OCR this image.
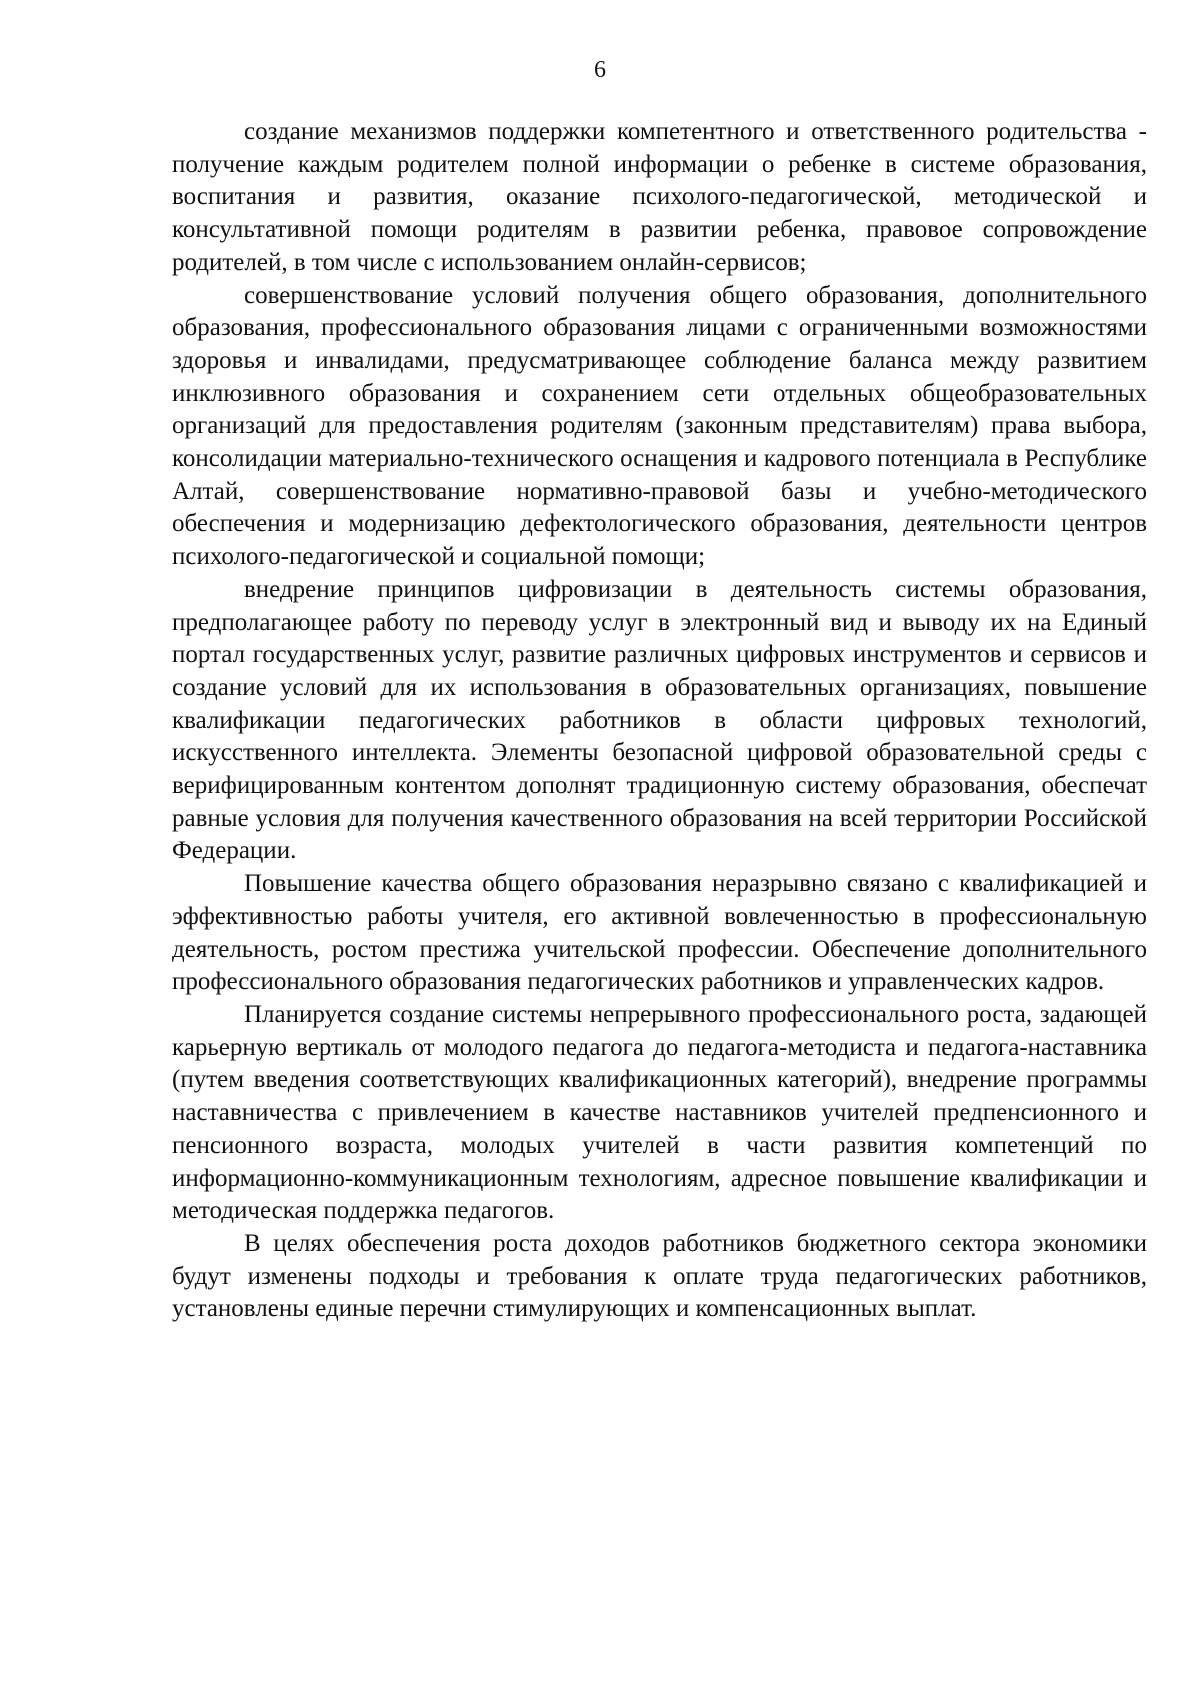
6

создание механизмов поддержки компетентного и ответственного родительства - получение каждым родителем полной информации о ребенке в системе образования, воспитания и развития, оказание психолого-педагогической, методической и консультативной помощи родителям в развитии ребенка, правовое сопровождение родителей, в том числе с использованием онлайн-сервисов;

совершенствование условий получения общего образования, дополнительного образования, профессионального образования лицами с ограниченными возможностями здоровья и инвалидами, предусматривающее соблюдение баланса между развитием инклюзивного образования и сохранением сети отдельных общеобразовательных организаций для предоставления родителям (законным представителям) права выбора, консолидации материально-технического оснащения и кадрового потенциала в Республике Алтай, совершенствование нормативно-правовой базы и учебно-методического обеспечения и модернизацию дефектологического образования, деятельности центров психолого-педагогической и социальной помощи;

внедрение принципов цифровизации в деятельность системы образования, предполагающее работу по переводу услуг в электронный вид и выводу их на Единый портал государственных услуг, развитие различных цифровых инструментов и сервисов и создание условий для их использования в образовательных организациях, повышение квалификации педагогических работников в области цифровых технологий, искусственного интеллекта. Элементы безопасной цифровой образовательной среды с верифицированным контентом дополнят традиционную систему образования, обеспечат равные условия для получения качественного образования на всей территории Российской Федерации.

Повышение качества общего образования неразрывно связано с квалификацией и эффективностью работы учителя, его активной вовлеченностью в профессиональную деятельность, ростом престижа учительской профессии. Обеспечение дополнительного профессионального образования педагогических работников и управленческих кадров.

Планируется создание системы непрерывного профессионального роста, задающей карьерную вертикаль от молодого педагога до педагога-методиста и педагога-наставника (путем введения соответствующих квалификационных категорий), внедрение программы наставничества с привлечением в качестве наставников учителей предпенсионного и пенсионного возраста, молодых учителей в части развития компетенций по информационно-коммуникационным технологиям, адресное повышение квалификации и методическая поддержка педагогов.

В целях обеспечения роста доходов работников бюджетного сектора экономики будут изменены подходы и требования к оплате труда педагогических работников, установлены единые перечни стимулирующих и компенсационных выплат.
